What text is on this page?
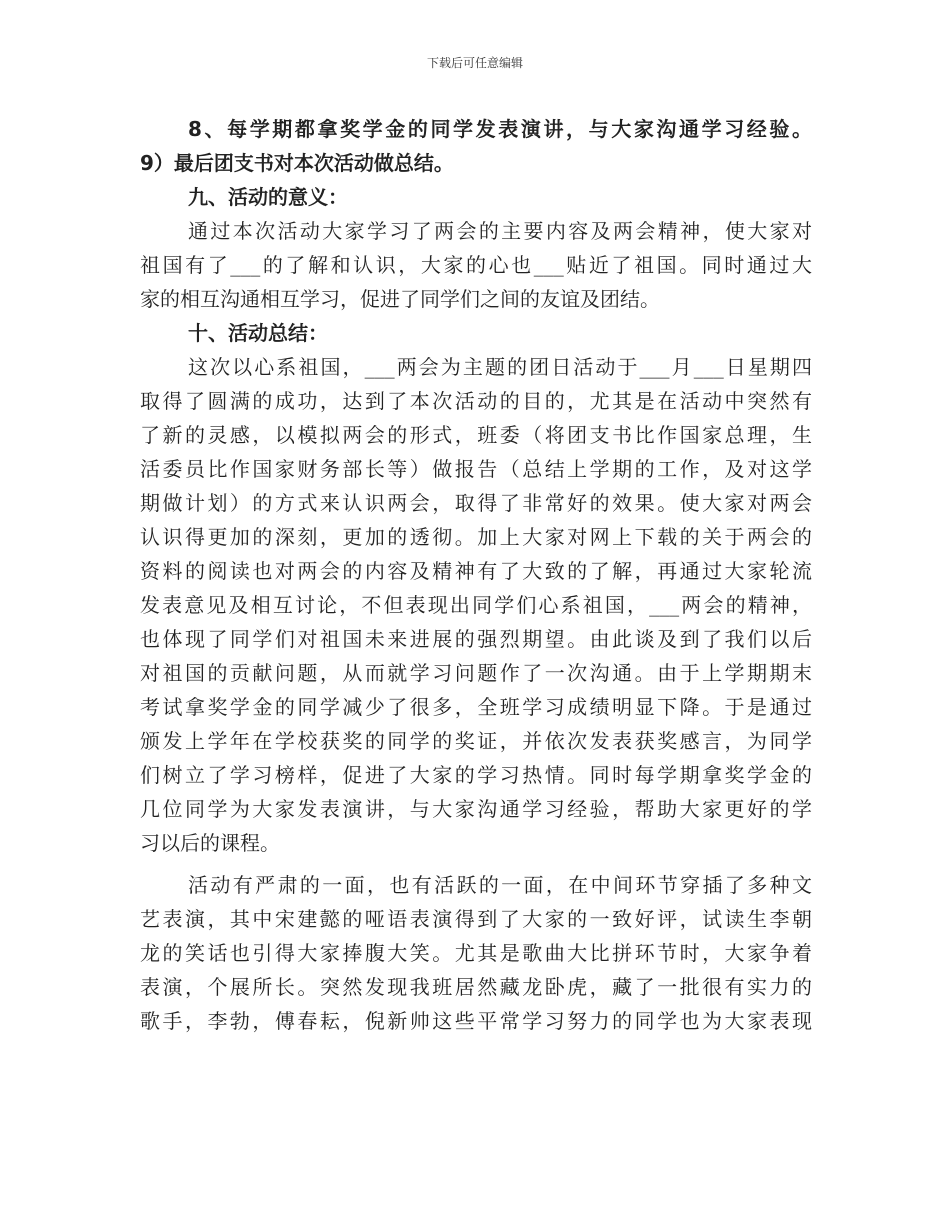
下载后可任意编辑
8、每学期都拿奖学金的同学发表演讲，与大家沟通学习经验。
9）最后团支书对本次活动做总结。
九、活动的意义：
通过本次活动大家学习了两会的主要内容及两会精神，使大家对
祖国有了___的了解和认识，大家的心也___贴近了祖国。同时通过大
家的相互沟通相互学习，促进了同学们之间的友谊及团结。
十、活动总结：
这次以心系祖国，___两会为主题的团日活动于___月___日星期四
取得了圆满的成功，达到了本次活动的目的，尤其是在活动中突然有
了新的灵感，以模拟两会的形式，班委（将团支书比作国家总理，生
活委员比作国家财务部长等）做报告（总结上学期的工作，及对这学
期做计划）的方式来认识两会，取得了非常好的效果。使大家对两会
认识得更加的深刻，更加的透彻。加上大家对网上下载的关于两会的
资料的阅读也对两会的内容及精神有了大致的了解，再通过大家轮流
发表意见及相互讨论，不但表现出同学们心系祖国，___两会的精神，
也体现了同学们对祖国未来进展的强烈期望。由此谈及到了我们以后
对祖国的贡献问题，从而就学习问题作了一次沟通。由于上学期期末
考试拿奖学金的同学减少了很多，全班学习成绩明显下降。于是通过
颁发上学年在学校获奖的同学的奖证，并依次发表获奖感言，为同学
们树立了学习榜样，促进了大家的学习热情。同时每学期拿奖学金的
几位同学为大家发表演讲，与大家沟通学习经验，帮助大家更好的学
习以后的课程。
活动有严肃的一面，也有活跃的一面，在中间环节穿插了多种文
艺表演，其中宋建懿的哑语表演得到了大家的一致好评，试读生李朝
龙的笑话也引得大家捧腹大笑。尤其是歌曲大比拼环节时，大家争着
表演，个展所长。突然发现我班居然藏龙卧虎，藏了一批很有实力的
歌手，李勃，傅春耘，倪新帅这些平常学习努力的同学也为大家表现
